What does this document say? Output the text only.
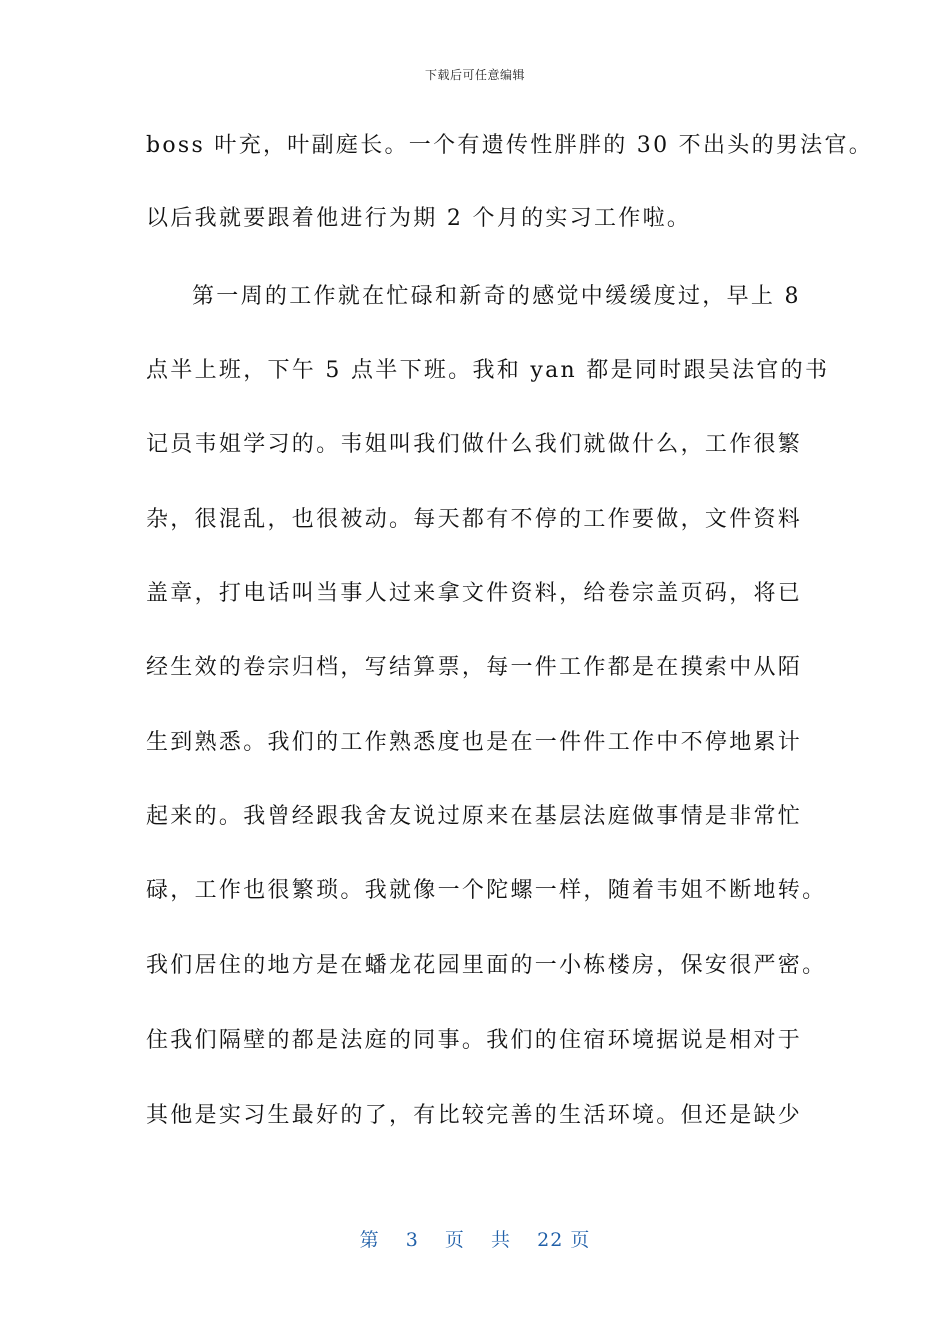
下载后可任意编辑
boss 叶充，叶副庭长。一个有遗传性胖胖的 30 不出头的男法官。
以后我就要跟着他进行为期 2 个月的实习工作啦。
第一周的工作就在忙碌和新奇的感觉中缓缓度过，早上 8
点半上班，下午 5 点半下班。我和 yan 都是同时跟吴法官的书
记员韦姐学习的。韦姐叫我们做什么我们就做什么，工作很繁
杂，很混乱，也很被动。每天都有不停的工作要做，文件资料
盖章，打电话叫当事人过来拿文件资料，给卷宗盖页码，将已
经生效的卷宗归档，写结算票，每一件工作都是在摸索中从陌
生到熟悉。我们的工作熟悉度也是在一件件工作中不停地累计
起来的。我曾经跟我舍友说过原来在基层法庭做事情是非常忙
碌，工作也很繁琐。我就像一个陀螺一样，随着韦姐不断地转。
我们居住的地方是在蟠龙花园里面的一小栋楼房，保安很严密。
住我们隔壁的都是法庭的同事。我们的住宿环境据说是相对于
其他是实习生最好的了，有比较完善的生活环境。但还是缺少
第 3 页 共 22 页
